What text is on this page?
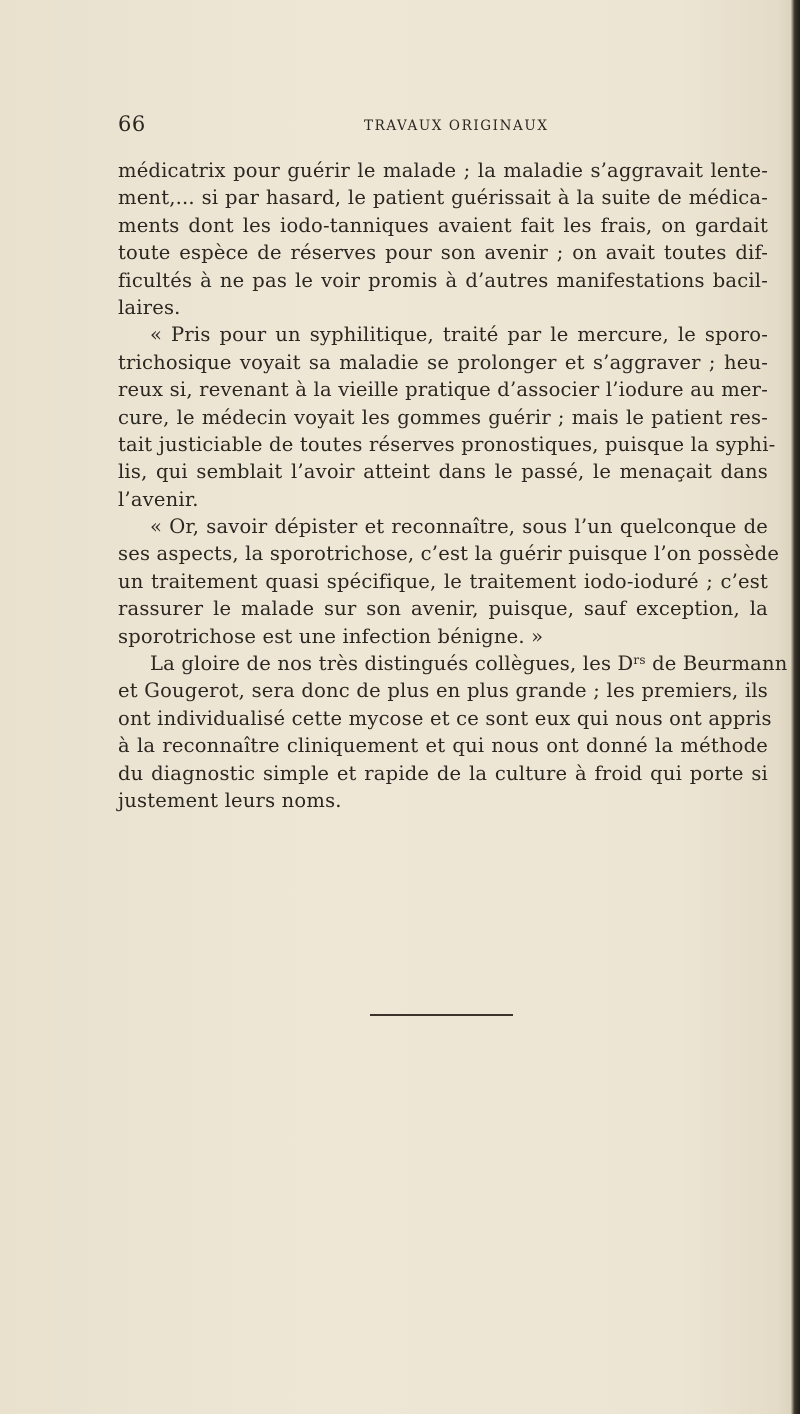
66	TRAVAUX ORIGINAUX
médicatrix pour guérir le malade ; la maladie s’aggravait lente-
ment,... si par hasard, le patient guérissait à la suite de médica-
ments dont les iodo-tanniques avaient fait les frais, on gardait
toute espèce de réserves pour son avenir ; on avait toutes dif-
ficultés à ne pas le voir promis à d’autres manifestations bacil-
laires.
« Pris pour un syphilitique, traité par le mercure, le sporo-
trichosique voyait sa maladie se prolonger et s’aggraver ; heu-
reux si, revenant à la vieille pratique d’associer l’iodure au mer-
cure, le médecin voyait les gommes guérir ; mais le patient res-
tait justiciable de toutes réserves pronostiques, puisque la syphi-
lis, qui semblait l’avoir atteint dans le passé, le menaçait dans
l’avenir.
« Or, savoir dépister et reconnaître, sous l’un quelconque de
ses aspects, la sporotrichose, c’est la guérir puisque l’on possède
un traitement quasi spécifique, le traitement iodo-ioduré ; c’est
rassurer le malade sur son avenir, puisque, sauf exception, la
sporotrichose est une infection bénigne. »
La gloire de nos très distingués collègues, les $D^{rs}$ de Beurmann
et Gougerot, sera donc de plus en plus grande ; les premiers, ils
ont individualisé cette mycose et ce sont eux qui nous ont appris
à la reconnaître cliniquement et qui nous ont donné la méthode
du diagnostic simple et rapide de la culture à froid qui porte si
justement leurs noms.
